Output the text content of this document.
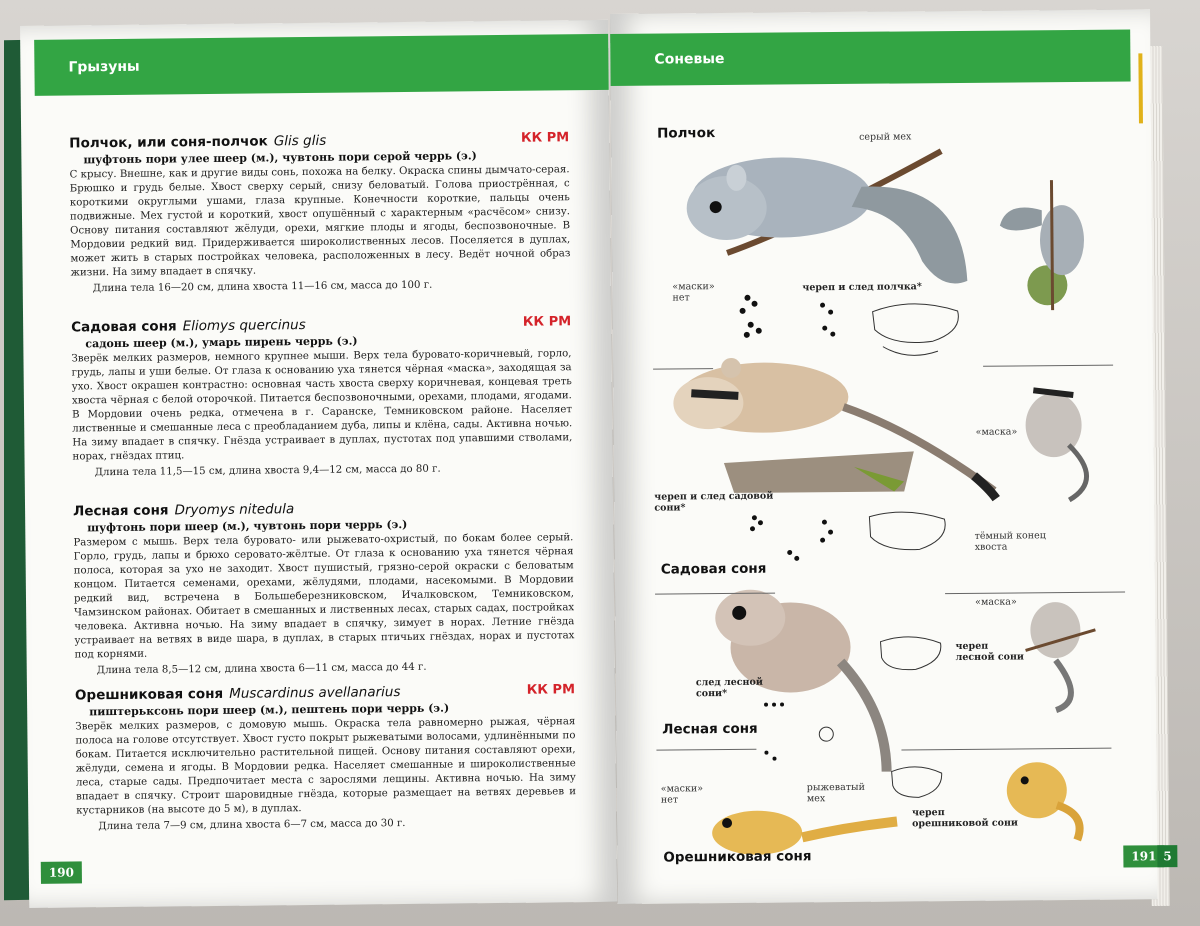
Грызуны
Полчок, или соня-полчок Glis glis	КК РМ
шуфтонь пори улеe шеер (м.), чувтонь пори серой черрь (э.)

С крысу. Внешне, как и другие виды сонь, похожа на белку. Окраска спины дымчато-серая. Брюшко и грудь белые. Хвост сверху серый, снизу беловатый. Голова приострённая, с короткими округлыми ушами, глаза крупные. Конечности короткие, пальцы очень подвижные. Мех густой и короткий, хвост опушённый с характерным «расчёсом» снизу. Основу питания составляют жёлуди, орехи, мягкие плоды и ягоды, беспозвоночные. В Мордовии редкий вид. Придерживается широколиственных лесов. Поселяется в дуплах, может жить в старых постройках человека, расположенных в лесу. Ведёт ночной образ жизни. На зиму впадает в спячку.

Длина тела 16—20 см, длина хвоста 11—16 см, масса до 100 г.
Садовая соня Eliomys quercinus	КК РМ
садонь шеер (м.), умарь пирень черрь (э.)

Зверёк мелких размеров, немного крупнее мыши. Верх тела буровато-коричневый, горло, грудь, лапы и уши белые. От глаза к основанию уха тянется чёрная «маска», заходящая за ухо. Хвост окрашен контрастно: основная часть хвоста сверху коричневая, концевая треть хвоста чёрная с белой оторочкой. Питается беспозвоночными, орехами, плодами, ягодами. В Мордовии очень редка, отмечена в г. Саранске, Темниковском районе. Населяет лиственные и смешанные леса с преобладанием дуба, липы и клёна, сады. Активна ночью. На зиму впадает в спячку. Гнёзда устраивает в дуплах, пустотах под упавшими стволами, норах, гнёздах птиц.

Длина тела 11,5—15 см, длина хвоста 9,4—12 см, масса до 80 г.
Лесная соня Dryomys nitedula
шуфтонь пори шеер (м.), чувтонь пори черрь (э.)

Размером с мышь. Верх тела буровато- или рыжевато-охристый, по бокам более серый. Горло, грудь, лапы и брюхо серовато-жёлтые. От глаза к основанию уха тянется чёрная полоса, которая за ухо не заходит. Хвост пушистый, грязно-серой окраски с беловатым концом. Питается семенами, орехами, жёлудями, плодами, насекомыми. В Мордовии редкий вид, встречена в Большеберезниковском, Ичалковском, Темниковском, Чамзинском районах. Обитает в смешанных и лиственных лесах, старых садах, постройках человека. Активна ночью. На зиму впадает в спячку, зимует в норах. Летние гнёзда устраивает на ветвях в виде шара, в дуплах, в старых птичьих гнёздах, норах и пустотах под корнями.

Длина тела 8,5—12 см, длина хвоста 6—11 см, масса до 44 г.
Орешниковая соня Muscardinus avellanarius	КК РМ
пиштерьксонь пори шеер (м.), пештень пори черрь (э.)

Зверёк мелких размеров, с домовую мышь. Окраска тела равномерно рыжая, чёрная полоса на голове отсутствует. Хвост густо покрыт рыжеватыми волосами, удлинёнными по бокам. Питается исключительно растительной пищей. Основу питания составляют орехи, жёлуди, семена и ягоды. В Мордовии редка. Населяет смешанные и широколиственные леса, старые сады. Предпочитает места с зарослями лещины. Активна ночью. На зиму впадает в спячку. Строит шаровидные гнёзда, которые размещает на ветвях деревьев и кустарников (на высоте до 5 м), в дуплах.

Длина тела 7—9 см, длина хвоста 6—7 см, масса до 30 г.
190
Соневые
Полчок
Садовая соня
Лесная соня
Орешниковая соня
серый мех
«маски»
нет
череп и след полчка*
«маска»
череп и след садовой
сони*
тёмный конец
хвоста
«маска»
череп
лесной сони
след лесной
сони*
«маски»
нет
рыжеватый
мех
череп
орешниковой сони
191 5
